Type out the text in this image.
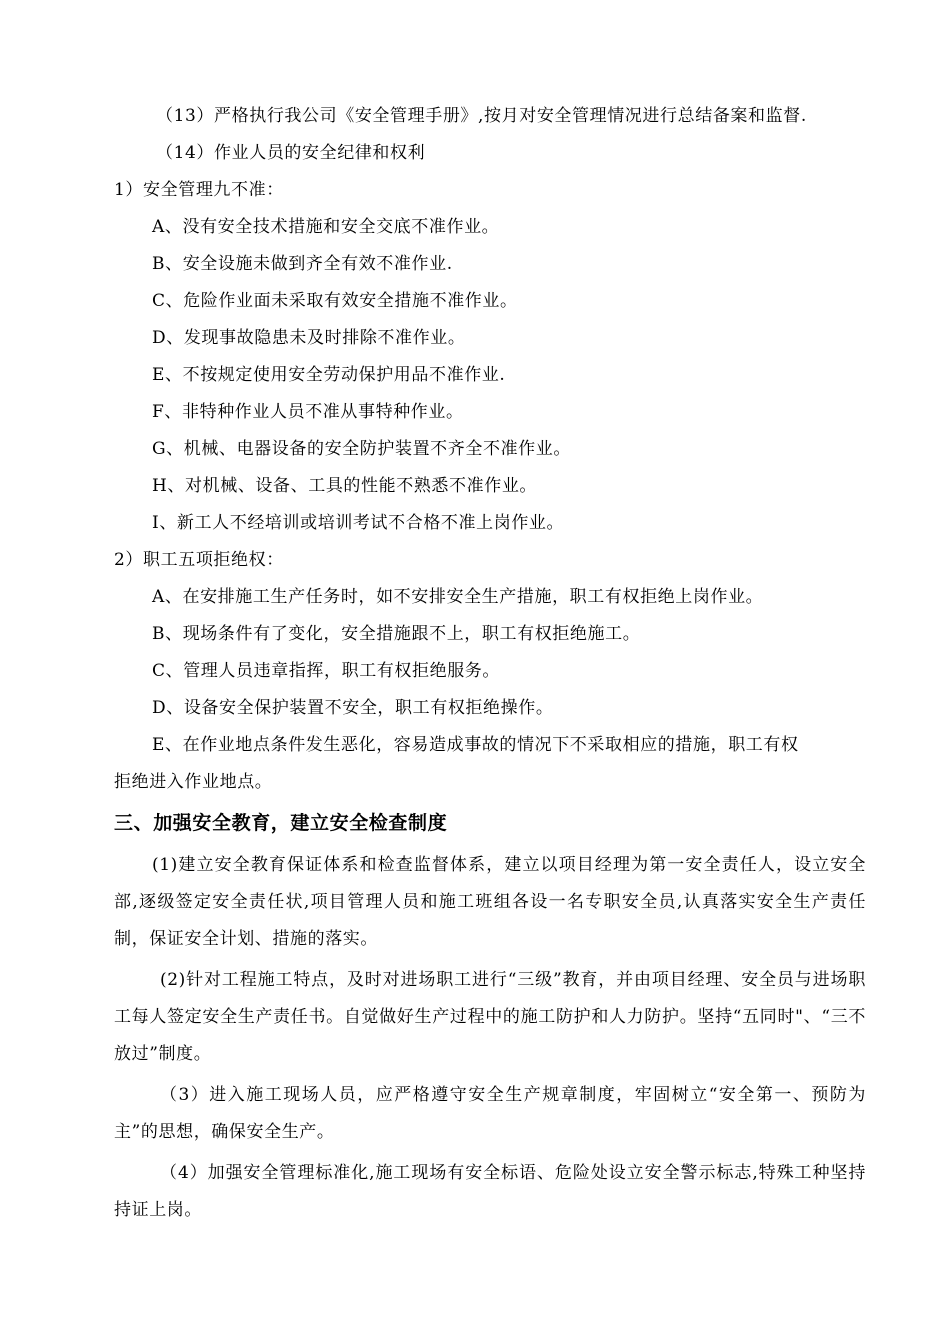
（13）严格执行我公司《安全管理手册》,按月对安全管理情况进行总结备案和监督.
（14）作业人员的安全纪律和权利
1）安全管理九不准：
A、没有安全技术措施和安全交底不准作业。
B、安全设施未做到齐全有效不准作业.
C、危险作业面未采取有效安全措施不准作业。
D、发现事故隐患未及时排除不准作业。
E、不按规定使用安全劳动保护用品不准作业.
F、非特种作业人员不准从事特种作业。
G、机械、电器设备的安全防护装置不齐全不准作业。
H、对机械、设备、工具的性能不熟悉不准作业。
I、新工人不经培训或培训考试不合格不准上岗作业。
2）职工五项拒绝权：
A、在安排施工生产任务时，如不安排安全生产措施，职工有权拒绝上岗作业。
B、现场条件有了变化，安全措施跟不上，职工有权拒绝施工。
C、管理人员违章指挥，职工有权拒绝服务。
D、设备安全保护装置不安全，职工有权拒绝操作。
E、在作业地点条件发生恶化，容易造成事故的情况下不采取相应的措施，职工有权
拒绝进入作业地点。
三、加强安全教育，建立安全检查制度
(1)建立安全教育保证体系和检查监督体系，建立以项目经理为第一安全责任人，设立安全部,逐级签定安全责任状,项目管理人员和施工班组各设一名专职安全员,认真落实安全生产责任制，保证安全计划、措施的落实。
(2)针对工程施工特点，及时对进场职工进行“三级”教育，并由项目经理、安全员与进场职工每人签定安全生产责任书。自觉做好生产过程中的施工防护和人力防护。坚持“五同时"、“三不放过”制度。
（3）进入施工现场人员，应严格遵守安全生产规章制度，牢固树立“安全第一、预防为主”的思想，确保安全生产。
（4）加强安全管理标准化,施工现场有安全标语、危险处设立安全警示标志,特殊工种坚持持证上岗。
